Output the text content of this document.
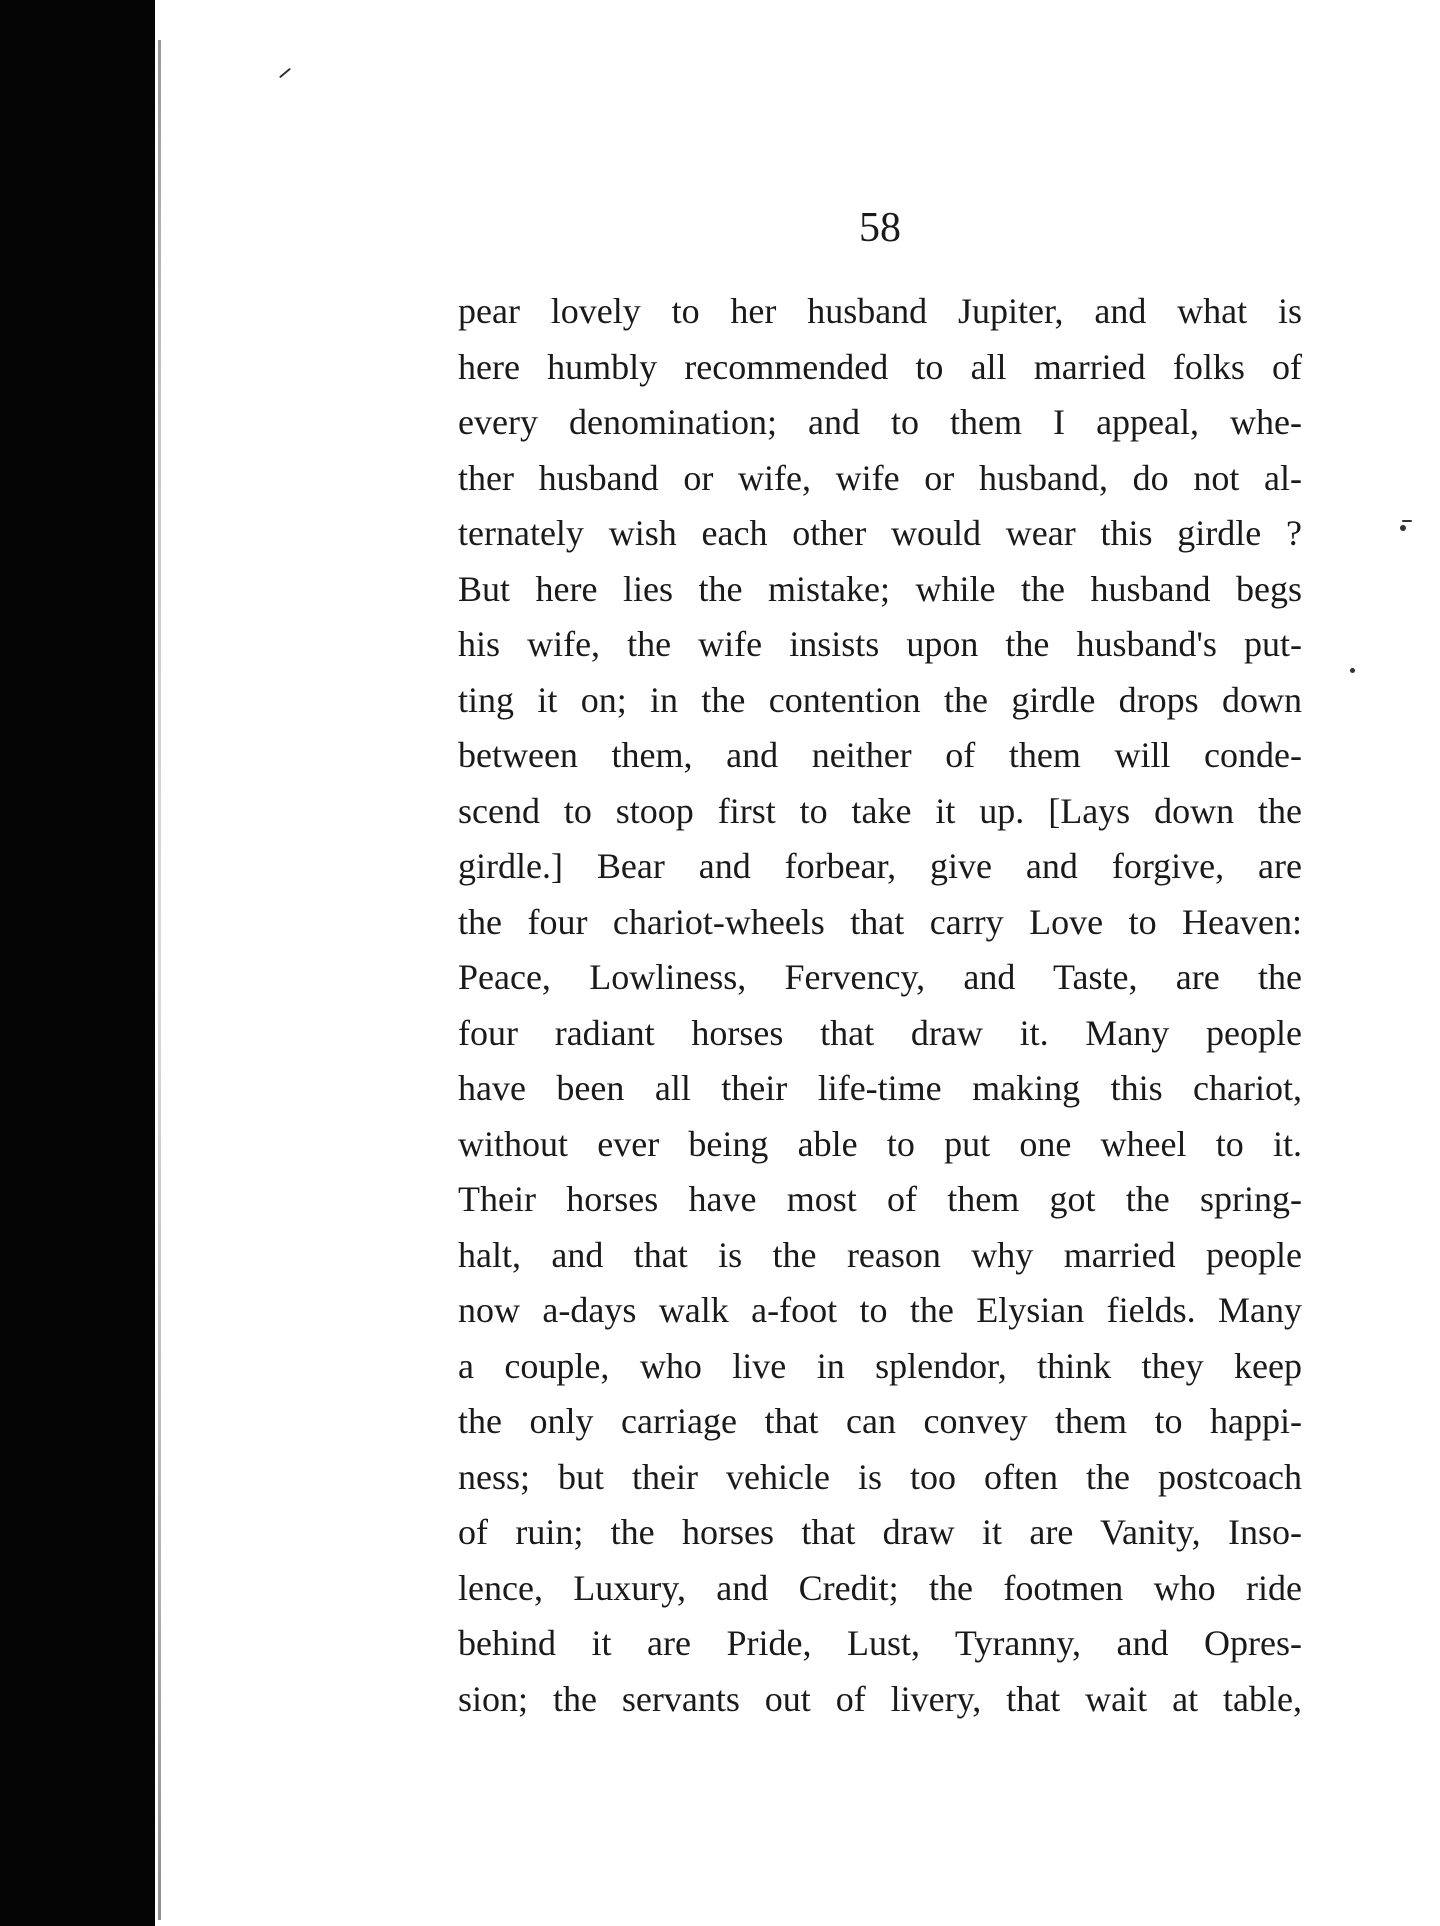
58
pear lovely to her husband Jupiter, and what is
here humbly recommended to all married folks of
every denomination; and to them I appeal, whe-
ther husband or wife, wife or husband, do not al-
ternately wish each other would wear this girdle ?
But here lies the mistake; while the husband begs
his wife, the wife insists upon the husband's put-
ting it on; in the contention the girdle drops down
between them, and neither of them will conde-
scend to stoop first to take it up. [Lays down the
girdle.] Bear and forbear, give and forgive, are
the four chariot-wheels that carry Love to Heaven:
Peace, Lowliness, Fervency, and Taste, are the
four radiant horses that draw it. Many people
have been all their life-time making this chariot,
without ever being able to put one wheel to it.
Their horses have most of them got the spring-
halt, and that is the reason why married people
now a-days walk a-foot to the Elysian fields. Many
a couple, who live in splendor, think they keep
the only carriage that can convey them to happi-
ness; but their vehicle is too often the postcoach
of ruin; the horses that draw it are Vanity, Inso-
lence, Luxury, and Credit; the footmen who ride
behind it are Pride, Lust, Tyranny, and Opres-
sion; the servants out of livery, that wait at table,
